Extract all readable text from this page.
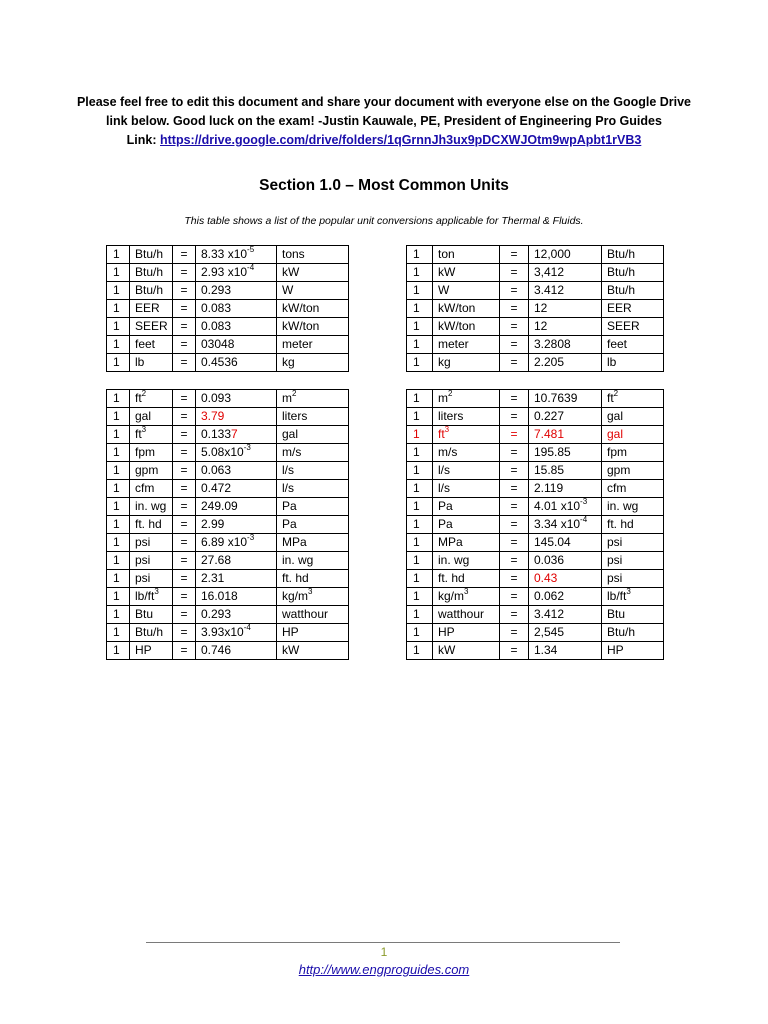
Please feel free to edit this document and share your document with everyone else on the Google Drive
link below. Good luck on the exam! -Justin Kauwale, PE, President of Engineering Pro Guides
Link: https://drive.google.com/drive/folders/1qGrnnJh3ux9pDCXWJOtm9wpApbt1rVB3
Section 1.0 – Most Common Units
This table shows a list of the popular unit conversions applicable for Thermal & Fluids.
1	Btu/h	=	8.33 $x10^{-5}$	tons
1	Btu/h	=	2.93 $x10^{-4}$	kW
1	Btu/h	=	0.293	W
1	EER	=	0.083	kW/ton
1	SEER	=	0.083	kW/ton
1	feet	=	03048	meter
1	lb	=	0.4536	kg
1	ton	=	12,000	Btu/h
1	kW	=	3,412	Btu/h
1	W	=	3.412	Btu/h
1	kW/ton	=	12	EER
1	kW/ton	=	12	SEER
1	meter	=	3.2808	feet
1	kg	=	2.205	lb
1	$ft^2$	=	0.093	$m^2$
1	gal	=	3.79	liters
1	$ft^3$	=	0.1337	gal
1	fpm	=	$5.08x10^{-3}$	m/s
1	gpm	=	0.063	l/s
1	cfm	=	0.472	l/s
1	in. wg	=	249.09	Pa
1	ft. hd	=	2.99	Pa
1	psi	=	6.89 $x10^{-3}$	MPa
1	psi	=	27.68	in. wg
1	psi	=	2.31	ft. hd
1	$lb/ft^3$	=	16.018	$kg/m^3$
1	Btu	=	0.293	watthour
1	Btu/h	=	$3.93x10^{-4}$	HP
1	HP	=	0.746	kW
1	$m^2$	=	10.7639	$ft^2$
1	liters	=	0.227	gal
1	$ft^3$	=	7.481	gal
1	m/s	=	195.85	fpm
1	l/s	=	15.85	gpm
1	l/s	=	2.119	cfm
1	Pa	=	4.01 $x10^{-3}$	in. wg
1	Pa	=	3.34 $x10^{-4}$	ft. hd
1	MPa	=	145.04	psi
1	in. wg	=	0.036	psi
1	ft. hd	=	0.43	psi
1	$kg/m^3$	=	0.062	$lb/ft^3$
1	watthour	=	3.412	Btu
1	HP	=	2,545	Btu/h
1	kW	=	1.34	HP
1
http://www.engproguides.com
